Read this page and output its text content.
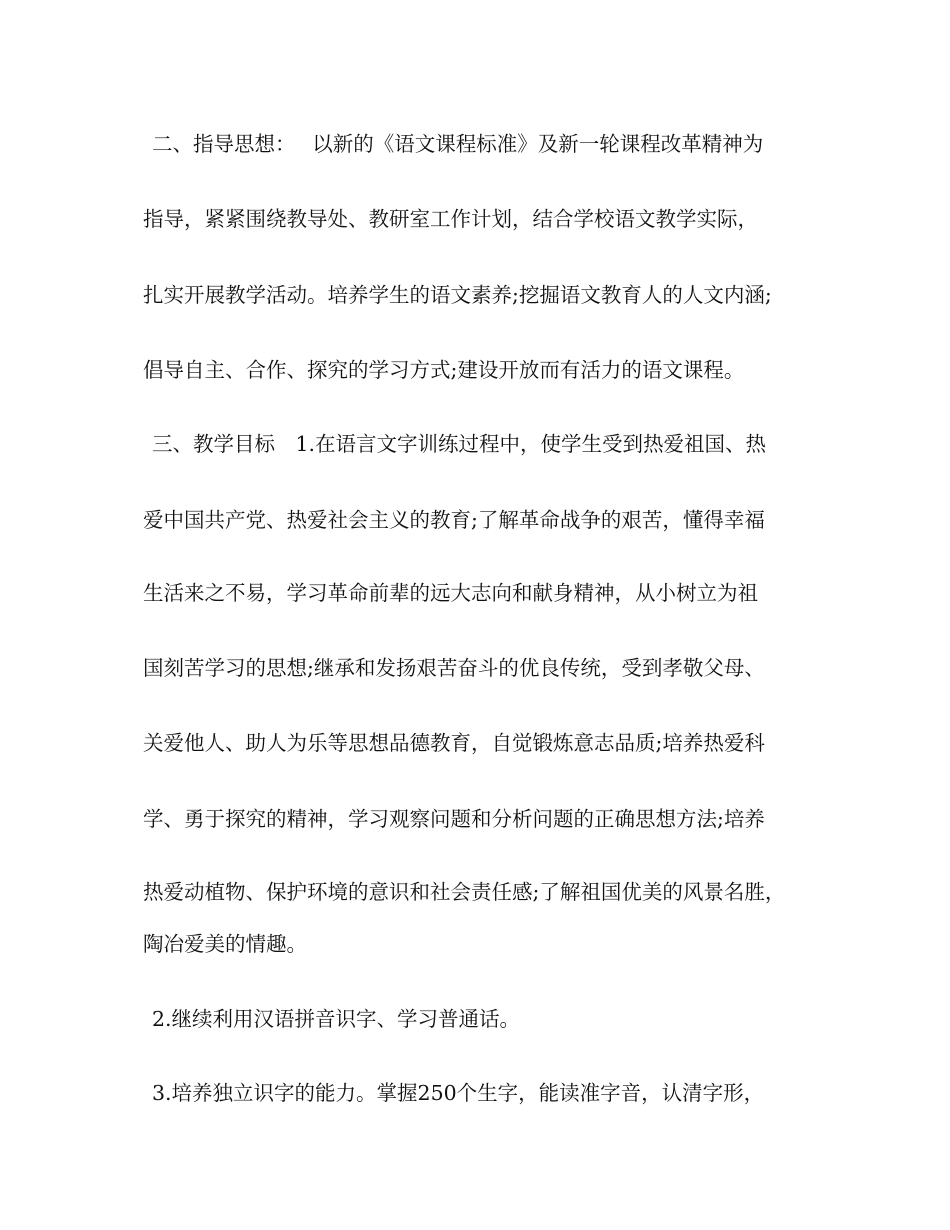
二、指导思想：　 以新的《语文课程标准》及新一轮课程改革精神为
指导，紧紧围绕教导处、教研室工作计划，结合学校语文教学实际，
扎实开展教学活动。培养学生的语文素养;挖掘语文教育人的人文内涵;
倡导自主、合作、探究的学习方式;建设开放而有活力的语文课程。
三、教学目标　1.在语言文字训练过程中，使学生受到热爱祖国、热
爱中国共产党、热爱社会主义的教育;了解革命战争的艰苦，懂得幸福
生活来之不易，学习革命前辈的远大志向和献身精神，从小树立为祖
国刻苦学习的思想;继承和发扬艰苦奋斗的优良传统，受到孝敬父母、
关爱他人、助人为乐等思想品德教育，自觉锻炼意志品质;培养热爱科
学、勇于探究的精神，学习观察问题和分析问题的正确思想方法;培养
热爱动植物、保护环境的意识和社会责任感;了解祖国优美的风景名胜，
陶冶爱美的情趣。
2.继续利用汉语拼音识字、学习普通话。
3.培养独立识字的能力。掌握250个生字，能读准字音，认清字形，
